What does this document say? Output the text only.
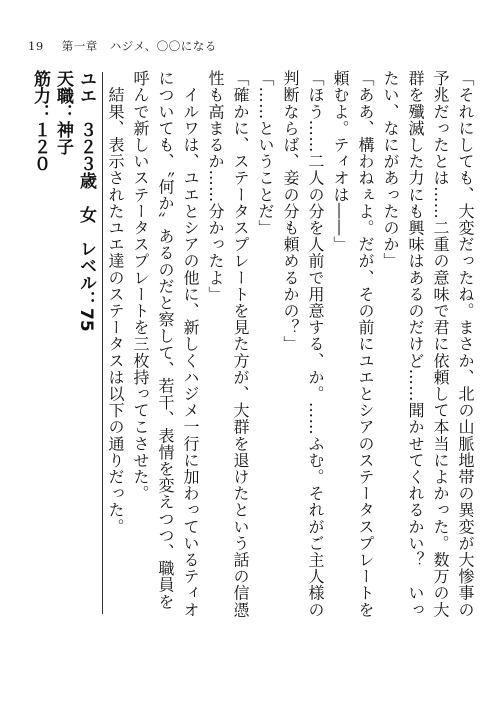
19 第一章　ハジメ、〇〇になる

「それにしても、大変だったね。まさか、北の山脈地帯の異変が大惨事の予兆だったとは……二重の意味で君に依頼して本当によかった。数万の大群を殲滅した力にも興味はあるのだけど……聞かせてくれるかい？　いったい、なにがあったのか」

「ああ、構わねぇよ。だが、その前にユエとシアのステータスプレートを頼むよ。ティオは――」

「ほう……二人の分を人前で用意する、か。……ふむ。それがご主人様の判断ならば、妾の分も頼めるかの？」

「……ということだ」

「確かに、ステータスプレートを見た方が、大群を退けたという話の信憑性も高まるか……分かったよ」

　イルワは、ユエとシアの他に、新しくハジメ一行に加わっているティオについても、〝何か〟あるのだと察して、若干、表情を変えつつ、職員を呼んで新しいステータスプレートを三枚持ってこさせた。

　結果、表示されたユエ達のステータスは以下の通りだった。

ユエ　３２３歳　女　レベル：75
天職：神子
筋力：１２０
